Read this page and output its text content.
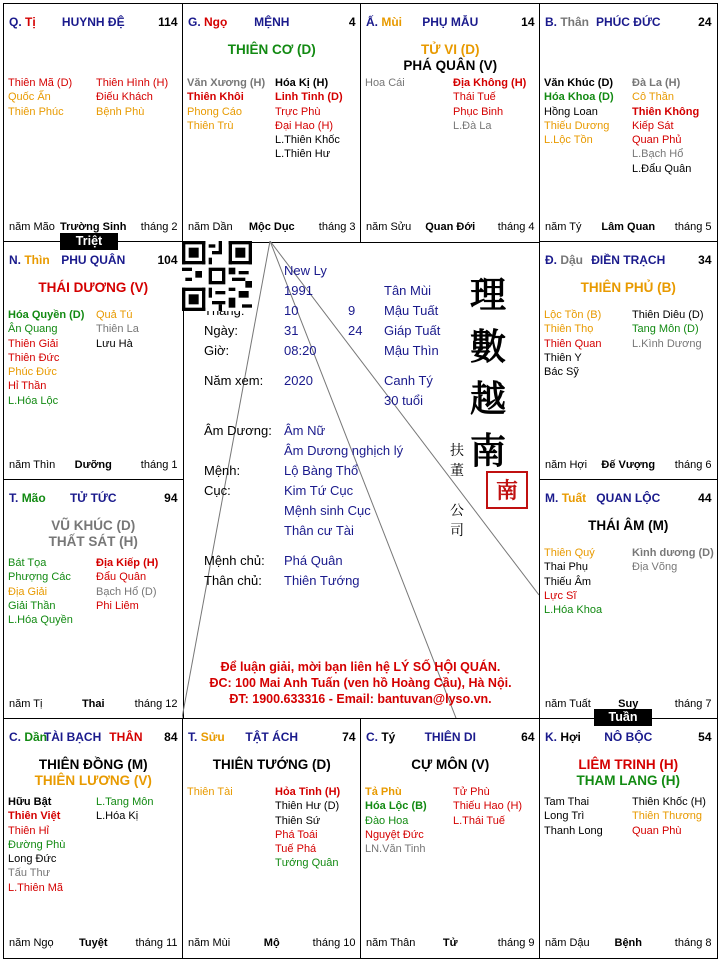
Q. Tị	HUYNH ĐỆ	114
Thiên Mã (D)
Quốc Ấn
Thiên Phúc
Thiên Hình (H)
Điếu Khách
Bệnh Phù
năm Mão Trường Sinh	tháng 2
G. Ngọ	MỆNH	4
THIÊN CƠ (D)
Văn Xương (H)
Thiên Khôi
Phong Cáo
Thiên Trù
Hóa Kị (H)
Linh Tinh (D)
Trực Phù
Đại Hao (H)
L.Thiên Khốc
L.Thiên Hư
năm Dần	Mộc Dục	tháng 3
Ấ. Mùi	PHỤ MẪU	14
TỬ VI (D)
PHÁ QUÂN (V)
Hoa Cái	Địa Không (H)
Thái Tuế
Phục Binh
L.Đà La
năm Sửu	Quan Đới	tháng 4
B. Thân PHÚC ĐỨC	24
Văn Khúc (D)
Hóa Khoa (D)
Hồng Loan
Thiếu Dương
L.Lộc Tồn
Đà La (H)
Cô Thần
Thiên Không
Kiếp Sát
Quan Phủ
L.Bạch Hổ
L.Đẩu Quân
năm Tý	Lâm Quan	tháng 5
N. Thìn PHU QUÂN	104
THÁI DƯƠNG (V)
Hóa Quyền (D)
Ân Quang
Thiên Giải
Thiên Đức
Phúc Đức
Hỉ Thần
L.Hóa Lộc
Quả Tú
Thiên La
Lưu Hà
năm Thìn	Dưỡng	tháng 1
Đ. Dậu ĐIỀN TRẠCH	34
THIÊN PHỦ (B)
Lộc Tồn (B)
Thiên Thọ
Thiên Quan
Thiên Y
Bác Sỹ
Thiên Diêu (D)
Tang Môn (D)
L.Kình Dương
năm Hợi	Đế Vượng	tháng 6
T. Mão	TỬ TỨC	94
VŨ KHÚC (D)
THẤT SÁT (H)
Bát Tọa
Phượng Các
Địa Giải
Giải Thần
L.Hóa Quyền
Địa Kiếp (H)
Đẩu Quân
Bạch Hổ (D)
Phi Liêm
năm Tị	Thai	tháng 12
M. Tuất QUAN LỘC	44
THÁI ÂM (M)
Thiên Quý
Thai Phụ
Thiếu Âm
Lực Sĩ
L.Hóa Khoa
Kình dương (D)
Địa Võng
năm Tuất	Suy	tháng 7
C. Dần
TÀI BẠCH THÂN	84
THIÊN ĐỒNG (M)
THIÊN LƯƠNG (V)
Hữu Bật
Thiên Việt
Thiên Hỉ
Đường Phù
Long Đức
Tấu Thư
L.Thiên Mã
L.Tang Môn
L.Hóa Kị
năm Ngọ	Tuyệt	tháng 11
T. Sửu	TẬT ÁCH	74
THIÊN TƯỚNG (D)
Thiên Tài	Hỏa Tinh (H)
Thiên Hư (D)
Thiên Sứ
Phá Toái
Tuế Phá
Tướng Quân
năm Mùi	Mộ	tháng 10
C. Tý	THIÊN DI	64
CỰ MÔN (V)
Tả Phù
Hóa Lộc (B)
Đào Hoa
Nguyệt Đức
LN.Văn Tinh
Tử Phù
Thiếu Hao (H)
L.Thái Tuế
năm Thân	Tử	tháng 9
K. Hợi	NÔ BỘC	54
LIÊM TRINH (H)
THAM LANG (H)
Tam Thai
Long Trì
Thanh Long
Thiên Khốc (H)
Thiên Thương
Quan Phù
năm Dậu	Bệnh	tháng 8
New Ly
1991	Tân Mùi
10	9 Mậu Tuất
Ngày:	31	24 Giáp Tuất
Giờ:	08:20	Mậu Thìn
Năm xem: 2020	Canh Tý
30 tuổi
Âm Dương: Âm Nữ
Âm Dương nghịch lý
Mệnh:	Lộ Bàng Thổ
Cục:	Kim Tứ Cục
Mệnh sinh Cục
Thân cư Tài
Mệnh chủ: Phá Quân
Thân chủ: Thiên Tướng
理
數
越
南
扶
董
公
司
南
Để luận giải, mời bạn liên hệ LÝ SỐ HỘI QUÁN.
ĐC: 100 Mai Anh Tuấn (ven hồ Hoàng Cầu), Hà Nội.
ĐT: 1900.633316 - Email: bantuvan@lyso.vn.
Triệt
Tuần
